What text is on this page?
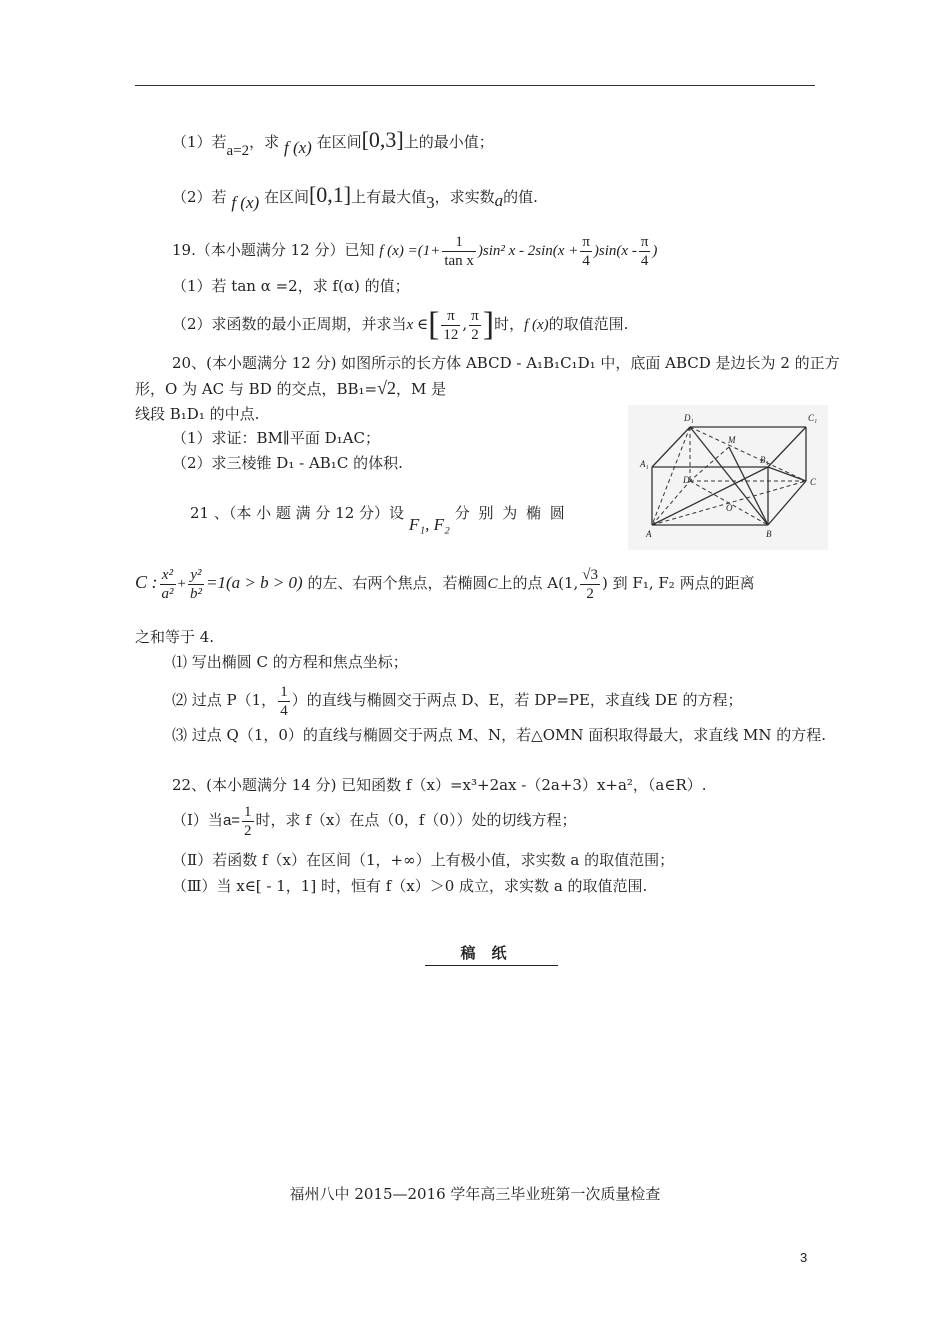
（1）若a=2，求 f (x) 在区间[0,3]上的最小值；
（2）若 f (x) 在区间[0,1]上有最大值3，求实数a的值.
19.（本小题满分 12 分）已知 f $(x) =(1+ \frac{1}{\text{tan x}} )\sin^2$ $x - 2\sin(x + \frac{\pi}{4} )\sin(x - \frac{\pi}{4}$ )
（1）若 tan α =2，求 f(α) 的值；
（2）求函数的最小正周期，并求当x ∈[ $\frac{\pi}{12}$ , $\frac{\pi}{2}$ ]时，f (x)的取值范围.
20、(本小题满分 12 分) 如图所示的长方体 ABCD - A₁B₁C₁D₁ 中，底面 ABCD 是边长为 2 的正方
形，O 为 AC 与 BD 的交点，BB₁=√2，M 是
线段 B₁D₁ 的中点.
（1）求证：BM∥平面 D₁AC；
（2）求三棱锥 D₁ - AB₁C 的体积.
D₁	C₁
A₁	B₁
M
D	C
O
A	B
21 、（本 小 题 满 分 12 分）设 F₁, F₂ 分 别 为 椭 圆
C : $\frac{\text{x²}}{\text{a²}} + \frac{\text{y²}}{\text{b²}} =1(a > b > 0)$ 的左、右两个焦点，若椭圆C上的点 A(1, $\frac{√3}{2}$ ) 到 F₁, F₂ 两点的距离
之和等于 4.
⑴ 写出椭圆 C 的方程和焦点坐标；
⑵ 过点 P（1， $\frac{1}{4}$ ）的直线与椭圆交于两点 D、E，若 DP=PE，求直线 DE 的方程；
⑶ 过点 Q（1，0）的直线与椭圆交于两点 M、N，若△OMN 面积取得最大，求直线 MN 的方程.
22、(本小题满分 14 分) 已知函数 f（x）=x³+2ax -（2a+3）x+a²，（a∈R）.
（Ⅰ）当$a= \frac{1}{2}$ 时，求 f（x）在点（0，f（0））处的切线方程；
（Ⅱ）若函数 f（x）在区间（1，+∞）上有极小值，求实数 a 的取值范围；
（Ⅲ）当 x∈[ - 1，1] 时，恒有 f（x）＞0 成立，求实数 a 的取值范围.
稿纸
福州八中 2015—2016 学年高三毕业班第一次质量检查
3
